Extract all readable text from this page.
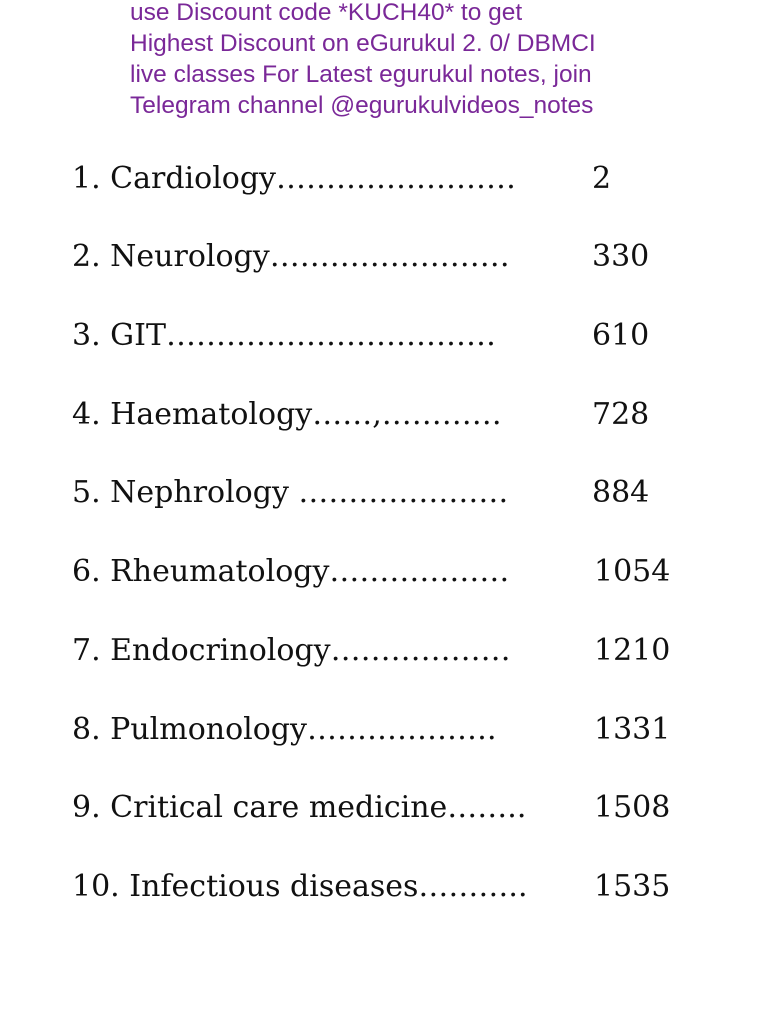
use Discount code *KUCH40* to get
Highest Discount on eGurukul 2. 0/ DBMCI
live classes For Latest egurukul notes, join
Telegram channel @egurukulvideos_notes
1. Cardiology……………………	2
2. Neurology……………………	330
3. GIT……………………………	610
4. Haematology……,…………	728
5. Nephrology …………………	884
6. Rheumatology………………	1054
7. Endocrinology………………	1210
8. Pulmonology……………….	1331
9. Critical care medicine…….. 1508
10. Infectious diseases……….. 1535
